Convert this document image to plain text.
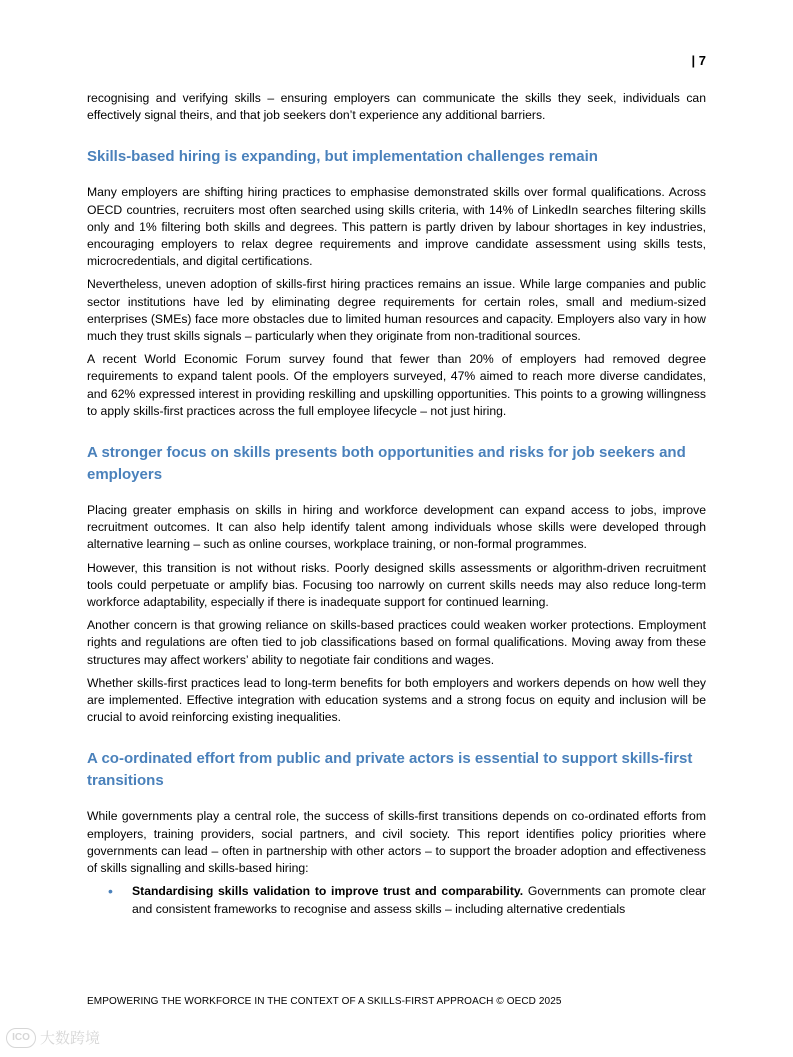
| 7

recognising and verifying skills – ensuring employers can communicate the skills they seek, individuals can effectively signal theirs, and that job seekers don’t experience any additional barriers.

Skills-based hiring is expanding, but implementation challenges remain

Many employers are shifting hiring practices to emphasise demonstrated skills over formal qualifications. Across OECD countries, recruiters most often searched using skills criteria, with 14% of LinkedIn searches filtering skills only and 1% filtering both skills and degrees. This pattern is partly driven by labour shortages in key industries, encouraging employers to relax degree requirements and improve candidate assessment using skills tests, microcredentials, and digital certifications.

Nevertheless, uneven adoption of skills-first hiring practices remains an issue. While large companies and public sector institutions have led by eliminating degree requirements for certain roles, small and medium-sized enterprises (SMEs) face more obstacles due to limited human resources and capacity. Employers also vary in how much they trust skills signals – particularly when they originate from non-traditional sources.

A recent World Economic Forum survey found that fewer than 20% of employers had removed degree requirements to expand talent pools. Of the employers surveyed, 47% aimed to reach more diverse candidates, and 62% expressed interest in providing reskilling and upskilling opportunities. This points to a growing willingness to apply skills-first practices across the full employee lifecycle – not just hiring.

A stronger focus on skills presents both opportunities and risks for job seekers and employers

Placing greater emphasis on skills in hiring and workforce development can expand access to jobs, improve recruitment outcomes. It can also help identify talent among individuals whose skills were developed through alternative learning – such as online courses, workplace training, or non-formal programmes.

However, this transition is not without risks. Poorly designed skills assessments or algorithm-driven recruitment tools could perpetuate or amplify bias. Focusing too narrowly on current skills needs may also reduce long-term workforce adaptability, especially if there is inadequate support for continued learning.

Another concern is that growing reliance on skills-based practices could weaken worker protections. Employment rights and regulations are often tied to job classifications based on formal qualifications. Moving away from these structures may affect workers’ ability to negotiate fair conditions and wages.

Whether skills-first practices lead to long-term benefits for both employers and workers depends on how well they are implemented. Effective integration with education systems and a strong focus on equity and inclusion will be crucial to avoid reinforcing existing inequalities.

A co-ordinated effort from public and private actors is essential to support skills-first transitions

While governments play a central role, the success of skills-first transitions depends on co-ordinated efforts from employers, training providers, social partners, and civil society. This report identifies policy priorities where governments can lead – often in partnership with other actors – to support the broader adoption and effectiveness of skills signalling and skills-based hiring:

• Standardising skills validation to improve trust and comparability. Governments can promote clear and consistent frameworks to recognise and assess skills – including alternative credentials

EMPOWERING THE WORKFORCE IN THE CONTEXT OF A SKILLS-FIRST APPROACH © OECD 2025
ICO 大数跨境
